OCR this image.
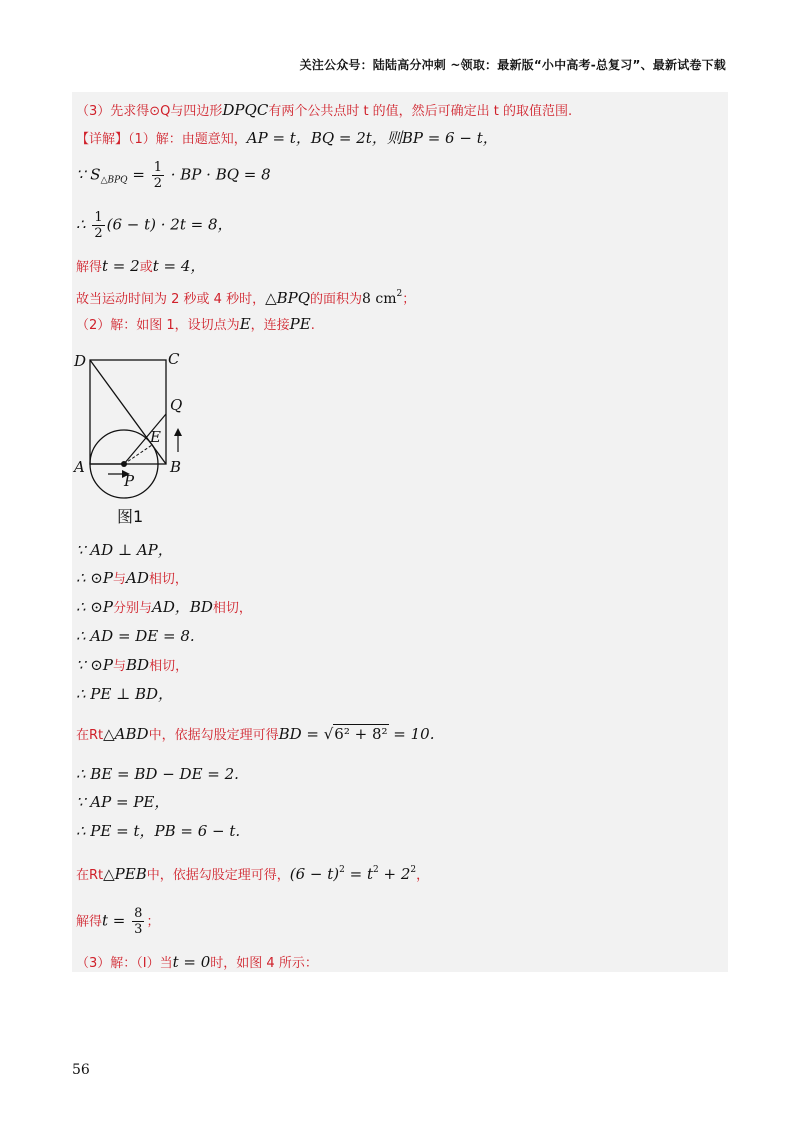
关注公众号：陆陆高分冲刺 ~领取：最新版“小中高考-总复习”、最新试卷下载
（3）先求得⊙Q与四边形DPQC有两个公共点时 t 的值，然后可确定出 t 的取值范围.
【详解】（1）解：由题意知，AP = t，BQ = 2t，则BP = 6 − t，
∵ $S_{\triangle BPQ} = \frac{1}{2}$ · BP · BQ = 8
∴ $\frac{1}{2} (6 - t) \cdot 2t = 8$，
解得t = 2或t = 4，
故当运动时间为 2 秒或 4 秒时，△BPQ的面积为8 $cm^2$；
（2）解：如图 1，设切点为E，连接PE.
D	C
Q
E
A	B
P
图1
∵ AD ⊥ AP，
∴ ⊙P与AD相切，
∴ ⊙P分别与AD，BD相切，
∴ AD = DE = 8.
∵ ⊙P与BD相切，
∴ PE ⊥ BD，
在Rt△ABD中，依据勾股定理可得BD = √6² + 8² = 10.
∴ BE = BD − DE = 2.
∵ AP = PE，
∴ PE = t，PB = 6 − t.
在Rt△PEB中，依据勾股定理可得，$(6 - t)^2 = t^2 + 2^2$，
解得$t = \frac{8}{3}$ ；
（3）解：（Ⅰ）当t = 0时，如图 4 所示：
56
